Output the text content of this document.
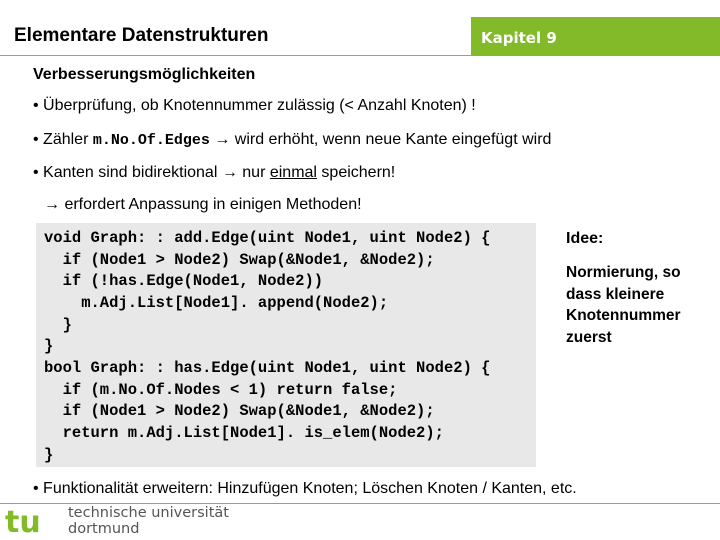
Elementare Datenstrukturen	Kapitel 9
Verbesserungsmöglichkeiten
• Überprüfung, ob Knotennummer zulässig (< Anzahl Knoten) !
• Zähler m.No.Of.Edges → wird erhöht, wenn neue Kante eingefügt wird
• Kanten sind bidirektional → nur einmal speichern!
→ erfordert Anpassung in einigen Methoden!
void Graph: : add.Edge(uint Node1, uint Node2) {
if (Node1 > Node2) Swap(&Node1, &Node2);
if (!has.Edge(Node1, Node2))
m.Adj.List[Node1]. append(Node2);
}
}
bool Graph: : has.Edge(uint Node1, uint Node2) {
if (m.No.Of.Nodes < 1) return false;
if (Node1 > Node2) Swap(&Node1, &Node2);
return m.Adj.List[Node1]. is_elem(Node2);
}
Idee:
Normierung, so dass kleinere Knotennummer zuerst
• Funktionalität erweitern: Hinzufügen Knoten; Löschen Knoten / Kanten, etc.
tu technische universität
dortmund
